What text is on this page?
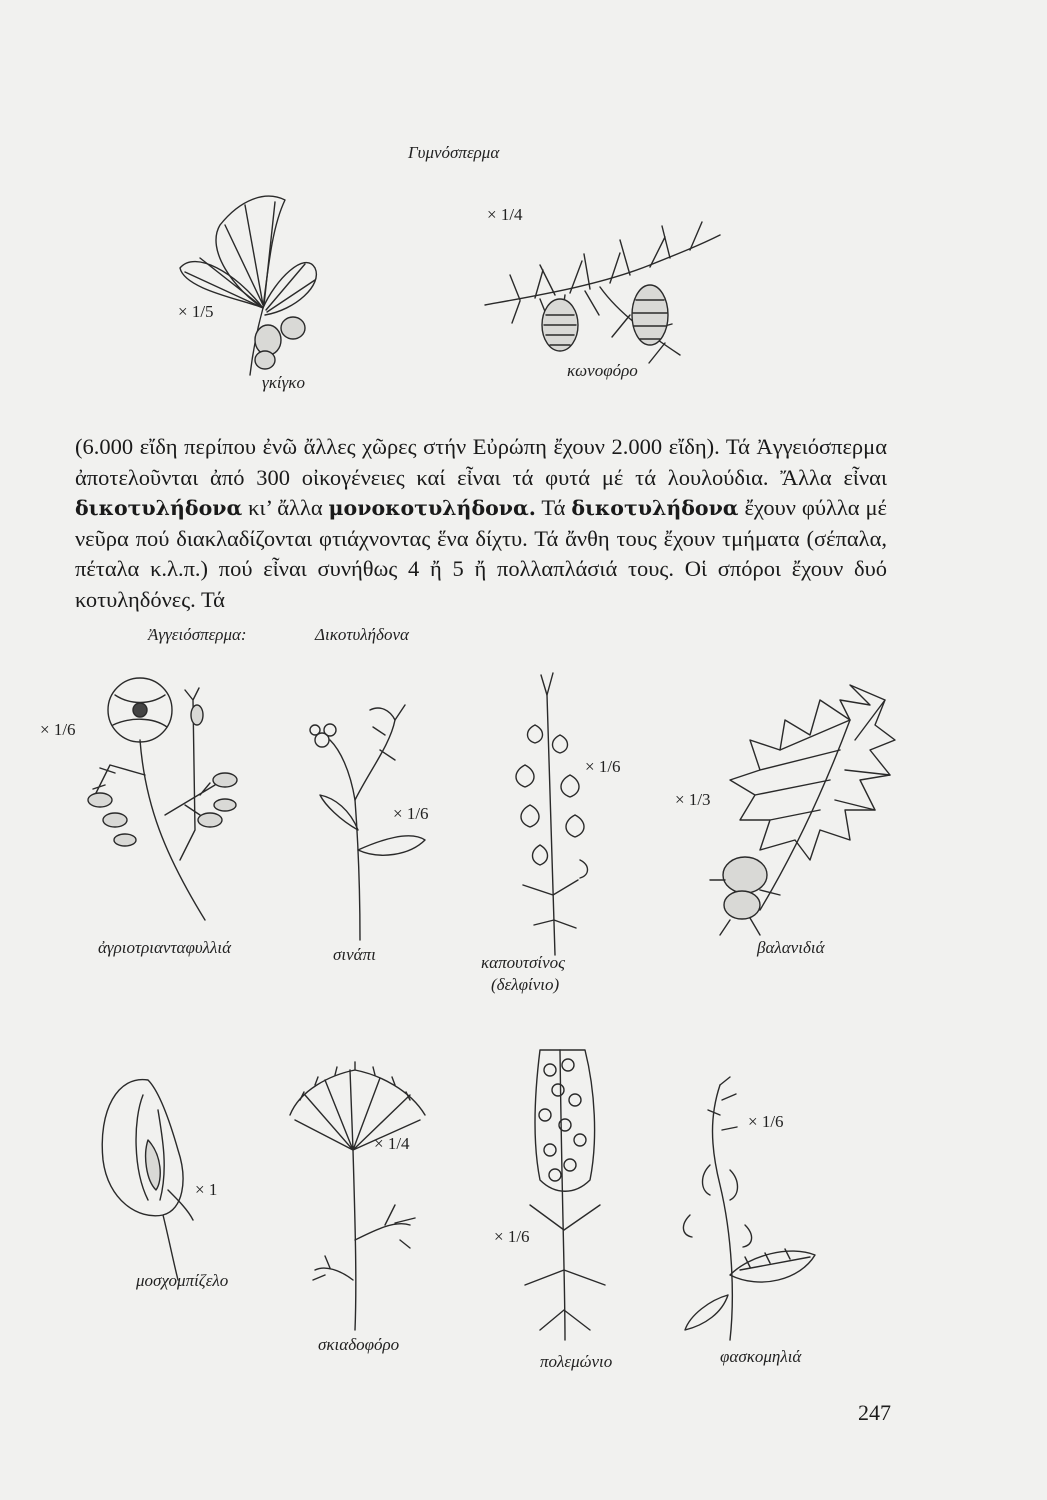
Γυμνόσπερμα
Ἀγγειόσπερμα:	Δικοτυλήδονα
× 1/5
γκίγκο
× 1/4
κωνοφόρο

(6.000 εἴδη περίπου ἐνῶ ἄλλες χῶρες στήν Εὐρώπη ἔχουν 2.000 εἴδη). Τά Ἀγγειόσπερμα ἀποτελοῦνται ἀπό 300 οἰκογένειες καί εἶναι τά φυτά μέ τά λουλούδια. Ἄλλα εἶναι δικοτυλήδονα κι’ ἄλλα μονοκοτυλήδονα. Τά δικοτυλήδονα ἔχουν φύλλα μέ νεῦρα πού διακλαδίζονται φτιάχνοντας ἕνα δίχτυ. Τά ἄνθη τους ἔχουν τμήματα (σέπαλα, πέταλα κ.λ.π.) πού εἶναι συνήθως 4 ἤ 5 ἤ πολλαπλάσιά τους. Οἱ σπόροι ἔχουν δυό κοτυληδόνες. Τά

× 1/6
ἀγριοτριανταφυλλιά
× 1/6
σινάπι
× 1/6
καπουτσίνος
(δελφίνιο)
× 1/3
βαλανιδιά
× 1
μοσχομπίζελο
× 1/4
σκιαδοφόρο
× 1/6
πολεμώνιο
× 1/6
φασκομηλιά
247
